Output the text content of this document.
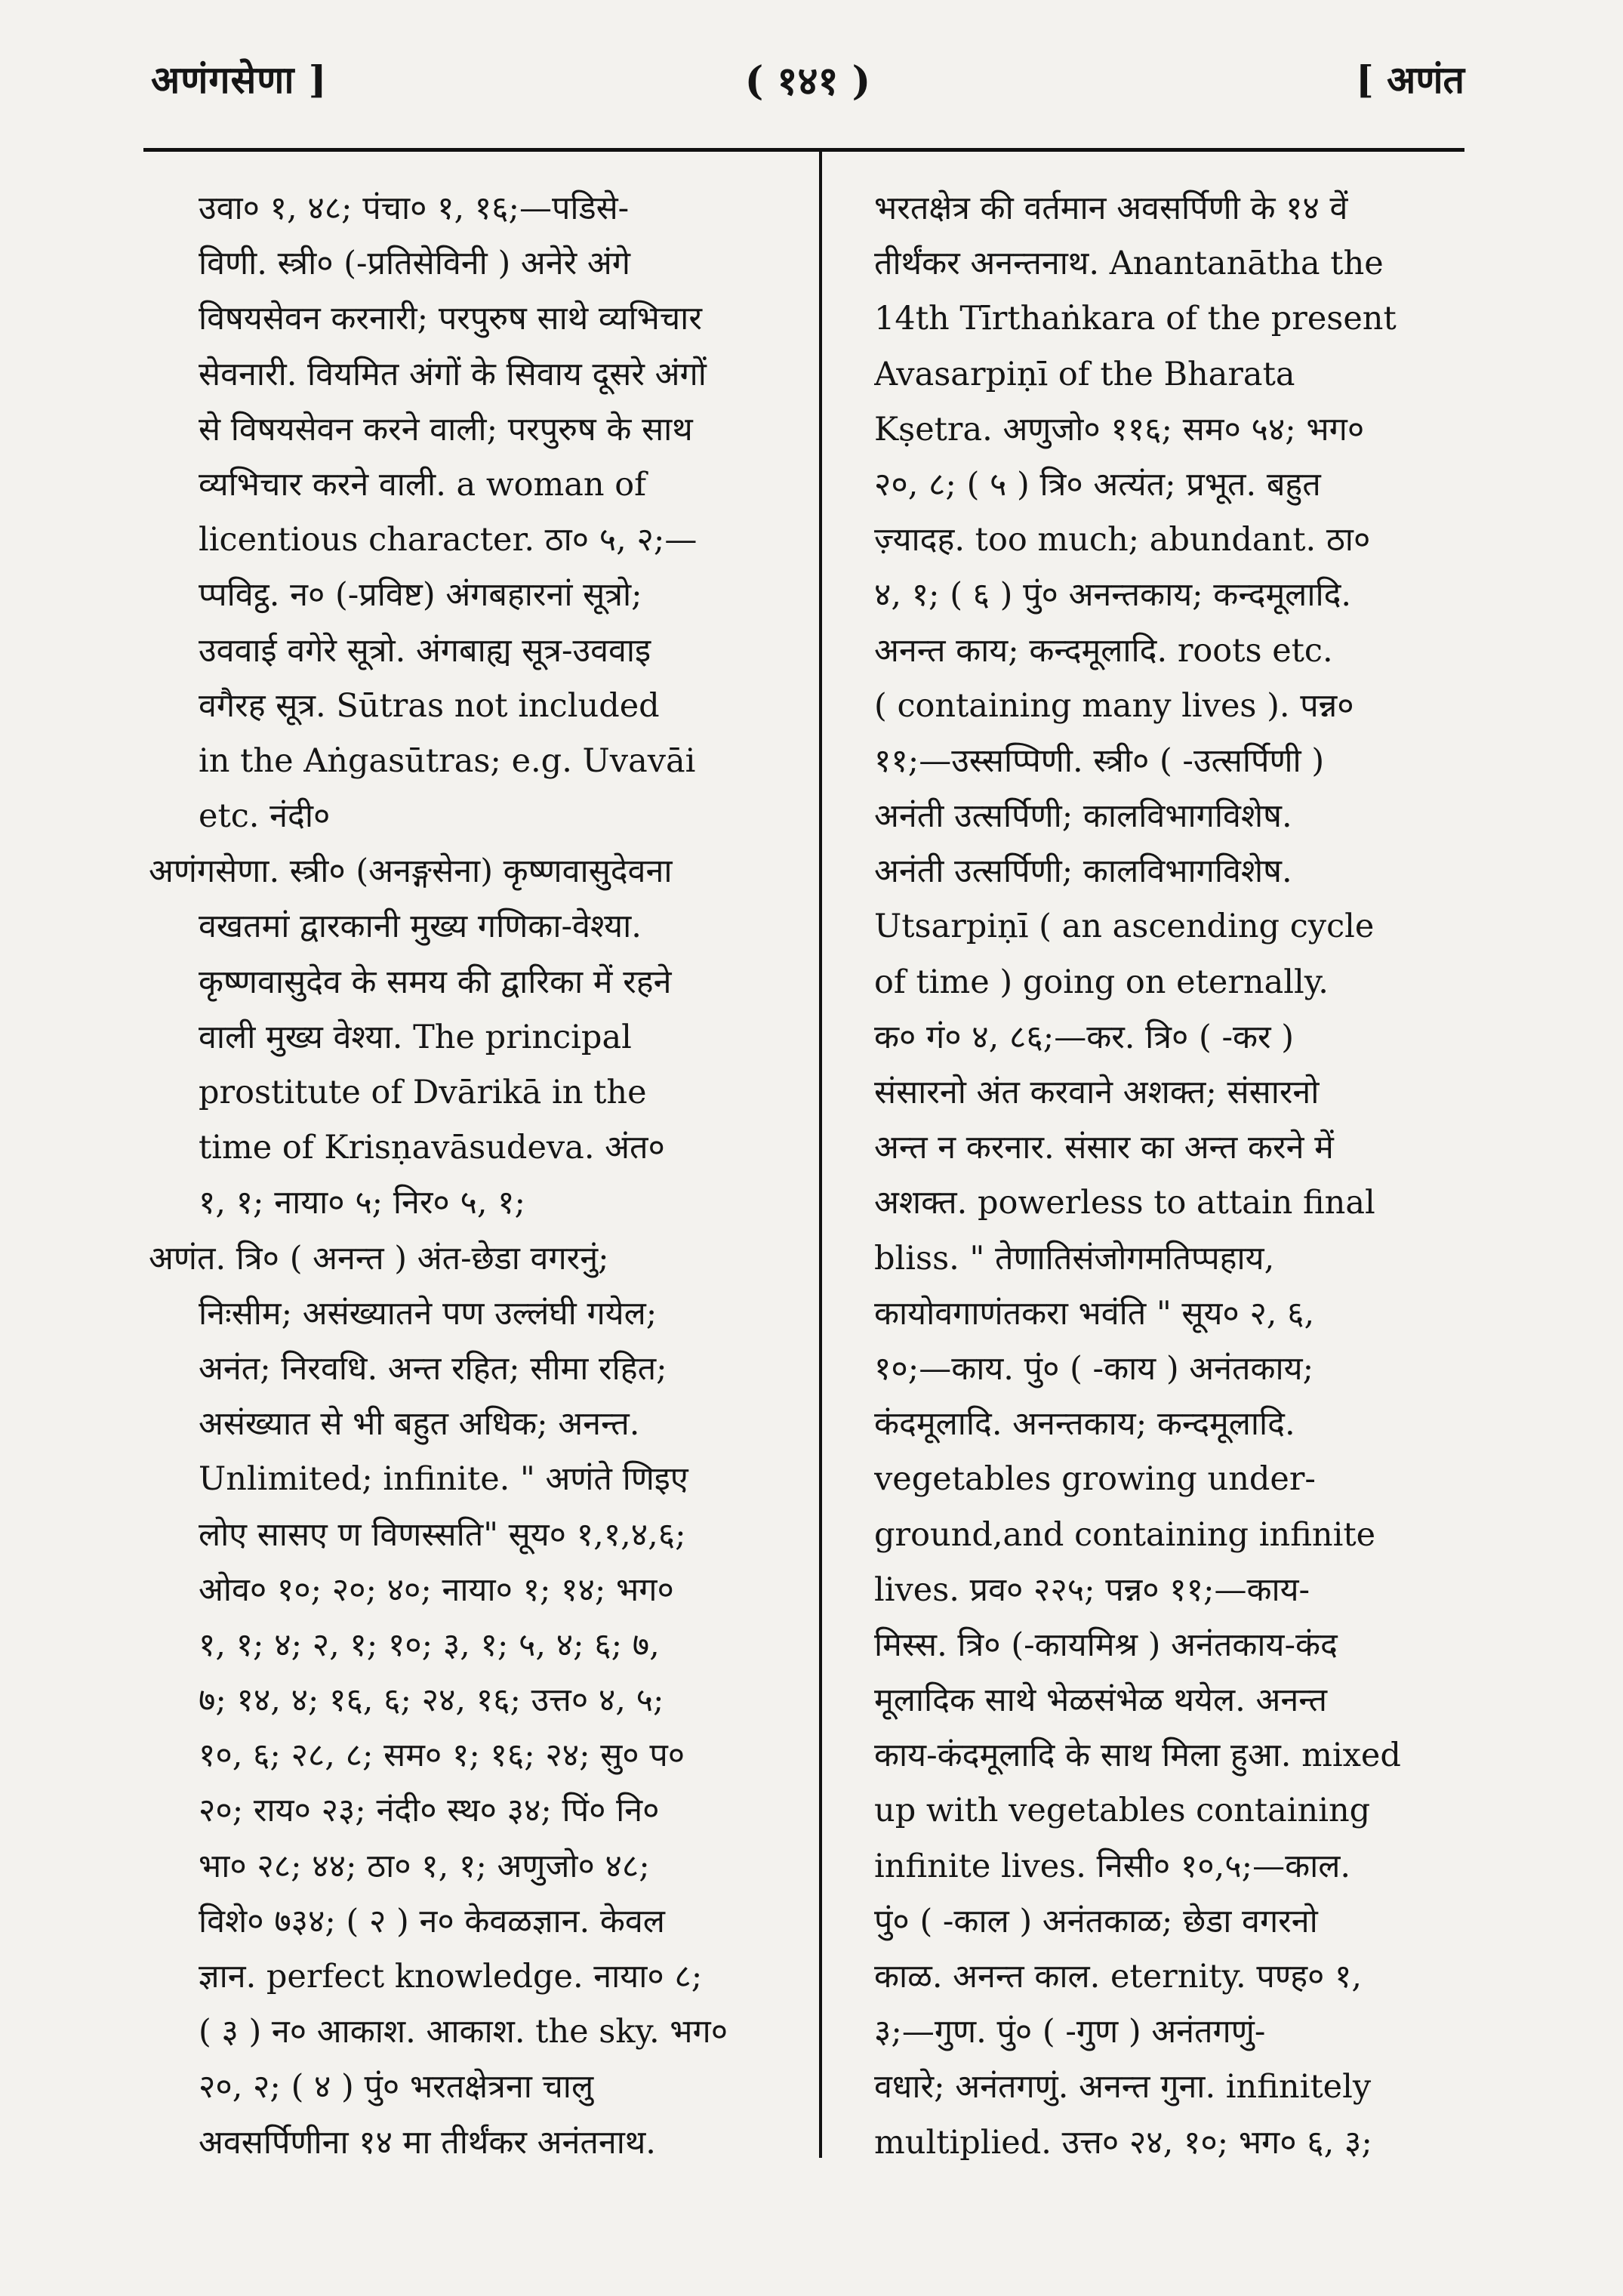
( १४१ )
अणंगसेणा ]	[ अणंत
उवा० १, ४८; पंचा० १, १६;—पडिसे-
विणी. स्त्री० (-प्रतिसेविनी ) अनेरे अंगे
विषयसेवन करनारी; परपुरुष साथे व्यभिचार
सेवनारी. वियमित अंगों के सिवाय दूसरे अंगों
से विषयसेवन करने वाली; परपुरुष के साथ
व्यभिचार करने वाली. a woman of
licentious character. ठा० ५, २;—
प्पविट्ठ. न० (-प्रविष्ट) अंगबहारनां सूत्रो;
उववाई वगेरे सूत्रो. अंगबाह्य सूत्र-उववाइ
वगैरह सूत्र. Sūtras not included
in the Aṅgasūtras; e.g. Uvavāi
etc. नंदी०
अणंगसेणा. स्त्री० (अनङ्गसेना) कृष्णवासुदेवना
वखतमां द्वारकानी मुख्य गणिका-वेश्या.
कृष्णवासुदेव के समय की द्वारिका में रहने
वाली मुख्य वेश्या. The principal
prostitute of Dvārikā in the
time of Krisṇavāsudeva. अंत०
१, १; नाया० ५; निर० ५, १;
अणंत. त्रि० ( अनन्त ) अंत-छेडा वगरनुं;
निःसीम; असंख्यातने पण उल्लंघी गयेल;
अनंत; निरवधि. अन्त रहित; सीमा रहित;
असंख्यात से भी बहुत अधिक; अनन्त.
Unlimited; infinite. " अणंते णिइए
लोए सासए ण विणस्सति" सूय० १,१,४,६;
ओव० १०; २०; ४०; नाया० १; १४; भग०
१, १; ४; २, १; १०; ३, १; ५, ४; ६; ७,
७; १४, ४; १६, ६; २४, १६; उत्त० ४, ५;
१०, ६; २८, ८; सम० १; १६; २४; सु० प०
२०; राय० २३; नंदी० स्थ० ३४; पिं० नि०
भा० २८; ४४; ठा० १, १; अणुजो० ४८;
विशे० ७३४; ( २ ) न० केवळज्ञान. केवल
ज्ञान. perfect knowledge. नाया० ८;
( ३ ) न० आकाश. आकाश. the sky. भग०
२०, २; ( ४ ) पुं० भरतक्षेत्रना चालु
अवसर्पिणीना १४ मा तीर्थंकर अनंतनाथ.
भरतक्षेत्र की वर्तमान अवसर्पिणी के १४ वें
तीर्थंकर अनन्तनाथ. Anantanātha the
14th Tīrthaṅkara of the present
Avasarpiṇī of the Bharata
Kṣetra. अणुजो० ११६; सम० ५४; भग०
२०, ८; ( ५ ) त्रि० अत्यंत; प्रभूत. बहुत
ज़्यादह. too much; abundant. ठा०
४, १; ( ६ ) पुं० अनन्तकाय; कन्दमूलादि.
अनन्त काय; कन्दमूलादि. roots etc.
( containing many lives ). पन्न०
११;—उस्सप्पिणी. स्त्री० ( -उत्सर्पिणी )
अनंती उत्सर्पिणी; कालविभागविशेष.
अनंती उत्सर्पिणी; कालविभागविशेष.
Utsarpiṇī ( an ascending cycle
of time ) going on eternally.
क० गं० ४, ८६;—कर. त्रि० ( -कर )
संसारनो अंत करवाने अशक्त; संसारनो
अन्त न करनार. संसार का अन्त करने में
अशक्त. powerless to attain final
bliss. " तेणातिसंजोगमतिप्पहाय,
कायोवगाणंतकरा भवंति " सूय० २, ६,
१०;—काय. पुं० ( -काय ) अनंतकाय;
कंदमूलादि. अनन्तकाय; कन्दमूलादि.
vegetables growing under-
ground,and containing infinite
lives. प्रव० २२५; पन्न० ११;—काय-
मिस्स. त्रि० (-कायमिश्र ) अनंतकाय-कंद
मूलादिक साथे भेळसंभेळ थयेल. अनन्त
काय-कंदमूलादि के साथ मिला हुआ. mixed
up with vegetables containing
infinite lives. निसी० १०,५;—काल.
पुं० ( -काल ) अनंतकाळ; छेडा वगरनो
काळ. अनन्त काल. eternity. पण्ह० १,
३;—गुण. पुं० ( -गुण ) अनंतगणुं-
वधारे; अनंतगणुं. अनन्त गुना. infinitely
multiplied. उत्त० २४, १०; भग० ६, ३;
